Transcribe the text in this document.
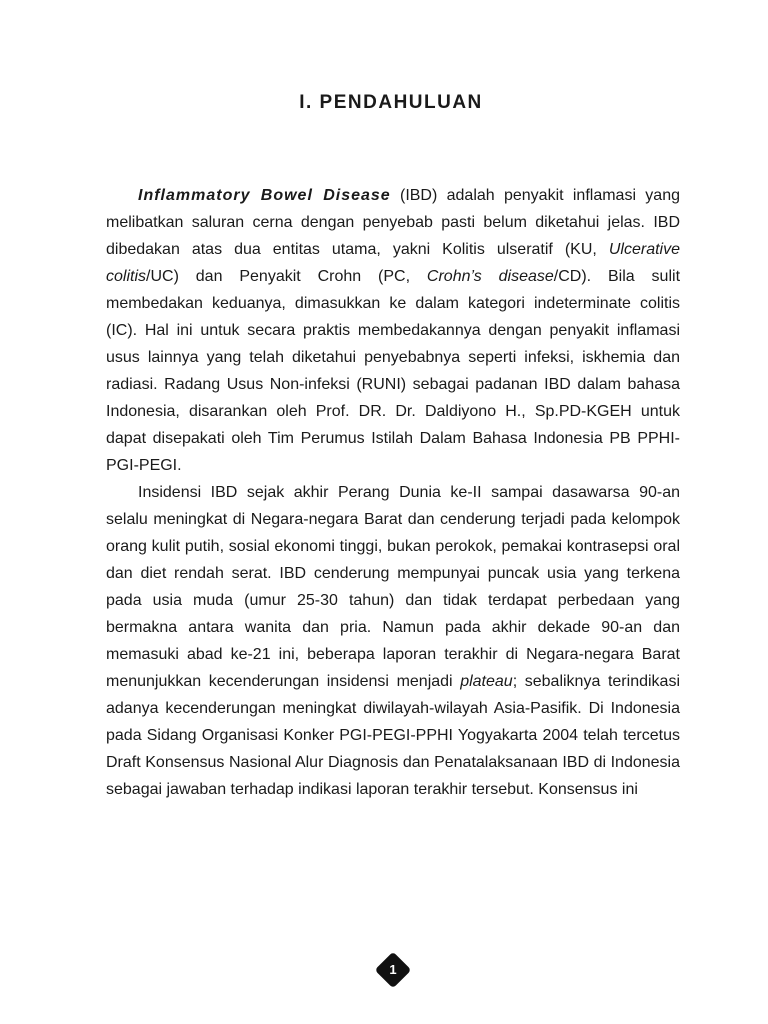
I. PENDAHULUAN

Inflammatory Bowel Disease (IBD) adalah penyakit inflamasi yang melibatkan saluran cerna dengan penyebab pasti belum diketahui jelas. IBD dibedakan atas dua entitas utama, yakni Kolitis ulseratif (KU, Ulcerative colitis/UC) dan Penyakit Crohn (PC, Crohn’s disease/CD). Bila sulit membedakan keduanya, dimasukkan ke dalam kategori indeterminate colitis (IC). Hal ini untuk secara praktis membedakannya dengan penyakit inflamasi usus lainnya yang telah diketahui penyebabnya seperti infeksi, iskhemia dan radiasi. Radang Usus Non-infeksi (RUNI) sebagai padanan IBD dalam bahasa Indonesia, disarankan oleh Prof. DR. Dr. Daldiyono H., Sp.PD-KGEH untuk dapat disepakati oleh Tim Perumus Istilah Dalam Bahasa Indonesia PB PPHI-PGI-PEGI.

Insidensi IBD sejak akhir Perang Dunia ke-II sampai dasawarsa 90-an selalu meningkat di Negara-negara Barat dan cenderung terjadi pada kelompok orang kulit putih, sosial ekonomi tinggi, bukan perokok, pemakai kontrasepsi oral dan diet rendah serat. IBD cenderung mempunyai puncak usia yang terkena pada usia muda (umur 25-30 tahun) dan tidak terdapat perbedaan yang bermakna antara wanita dan pria. Namun pada akhir dekade 90-an dan memasuki abad ke-21 ini, beberapa laporan terakhir di Negara-negara Barat menunjukkan kecenderungan insidensi menjadi plateau; sebaliknya terindikasi adanya kecenderungan meningkat diwilayah-wilayah Asia-Pasifik. Di Indonesia pada Sidang Organisasi Konker PGI-PEGI-PPHI Yogyakarta 2004 telah tercetus Draft Konsensus Nasional Alur Diagnosis dan Penatalaksanaan IBD di Indonesia sebagai jawaban terhadap indikasi laporan terakhir tersebut. Konsensus ini

1
